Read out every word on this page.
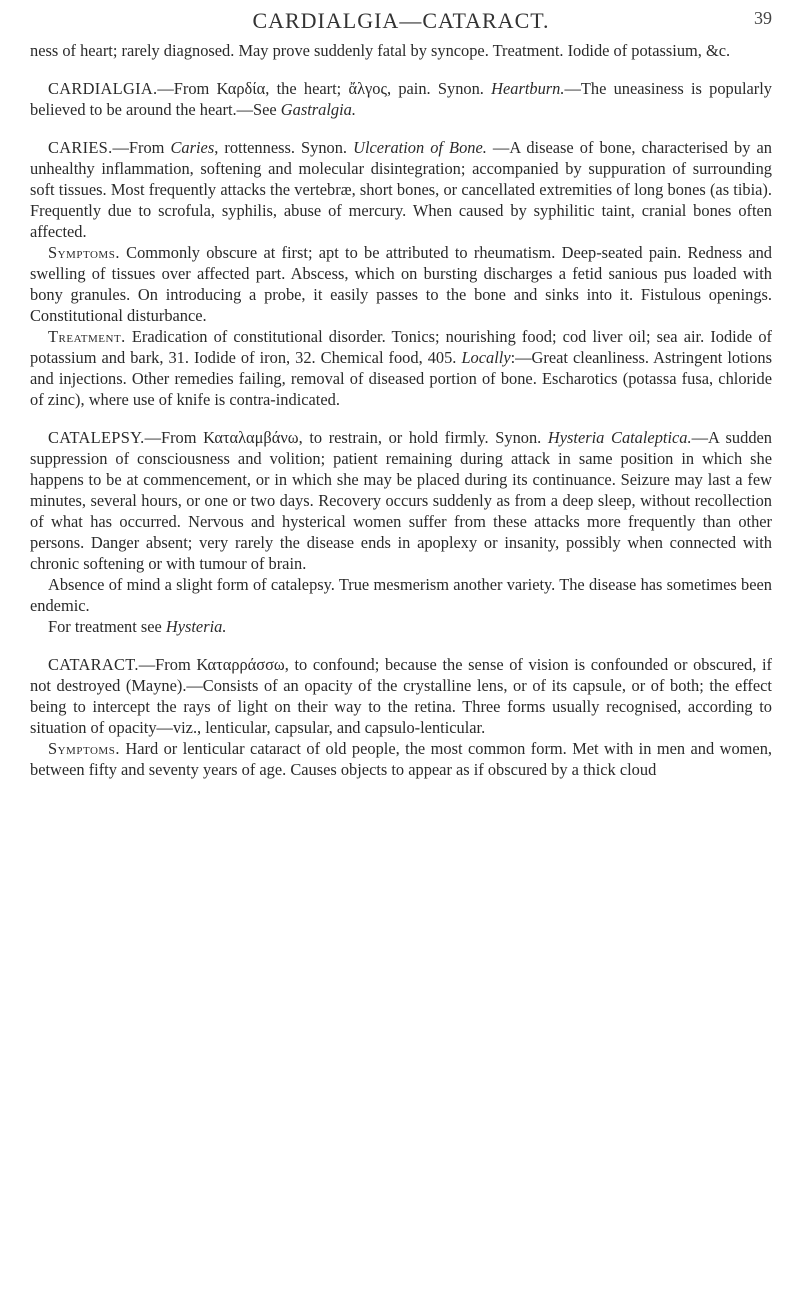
CARDIALGIA—CATARACT.	39

ness of heart; rarely diagnosed. May prove suddenly fatal by syncope. Treatment. Iodide of potassium, &c.

CARDIALGIA.—From Καρδία, the heart; ἄλγος, pain. Synon. Heartburn.—The uneasiness is popularly believed to be around the heart.—See Gastralgia.

CARIES.—From Caries, rottenness. Synon. Ulceration of Bone. —A disease of bone, characterised by an unhealthy inflammation, softening and molecular disintegration; accompanied by suppuration of surrounding soft tissues. Most frequently attacks the vertebræ, short bones, or cancellated extremities of long bones (as tibia). Frequently due to scrofula, syphilis, abuse of mercury. When caused by syphilitic taint, cranial bones often affected.

Symptoms. Commonly obscure at first; apt to be attributed to rheumatism. Deep-seated pain. Redness and swelling of tissues over affected part. Abscess, which on bursting discharges a fetid sanious pus loaded with bony granules. On introducing a probe, it easily passes to the bone and sinks into it. Fistulous openings. Constitutional disturbance.

Treatment. Eradication of constitutional disorder. Tonics; nourishing food; cod liver oil; sea air. Iodide of potassium and bark, 31. Iodide of iron, 32. Chemical food, 405. Locally:—Great cleanliness. Astringent lotions and injections. Other remedies failing, removal of diseased portion of bone. Escharotics (potassa fusa, chloride of zinc), where use of knife is contra-indicated.

CATALEPSY.—From Καταλαμβάνω, to restrain, or hold firmly. Synon. Hysteria Cataleptica.—A sudden suppression of consciousness and volition; patient remaining during attack in same position in which she happens to be at commencement, or in which she may be placed during its continuance. Seizure may last a few minutes, several hours, or one or two days. Recovery occurs suddenly as from a deep sleep, without recollection of what has occurred. Nervous and hysterical women suffer from these attacks more frequently than other persons. Danger absent; very rarely the disease ends in apoplexy or insanity, possibly when connected with chronic softening or with tumour of brain.

Absence of mind a slight form of catalepsy. True mesmerism another variety. The disease has sometimes been endemic.

For treatment see Hysteria.

CATARACT.—From Καταρράσσω, to confound; because the sense of vision is confounded or obscured, if not destroyed (Mayne).—Consists of an opacity of the crystalline lens, or of its capsule, or of both; the effect being to intercept the rays of light on their way to the retina. Three forms usually recognised, according to situation of opacity—viz., lenticular, capsular, and capsulo-lenticular.

Symptoms. Hard or lenticular cataract of old people, the most common form. Met with in men and women, between fifty and seventy years of age. Causes objects to appear as if obscured by a thick cloud
